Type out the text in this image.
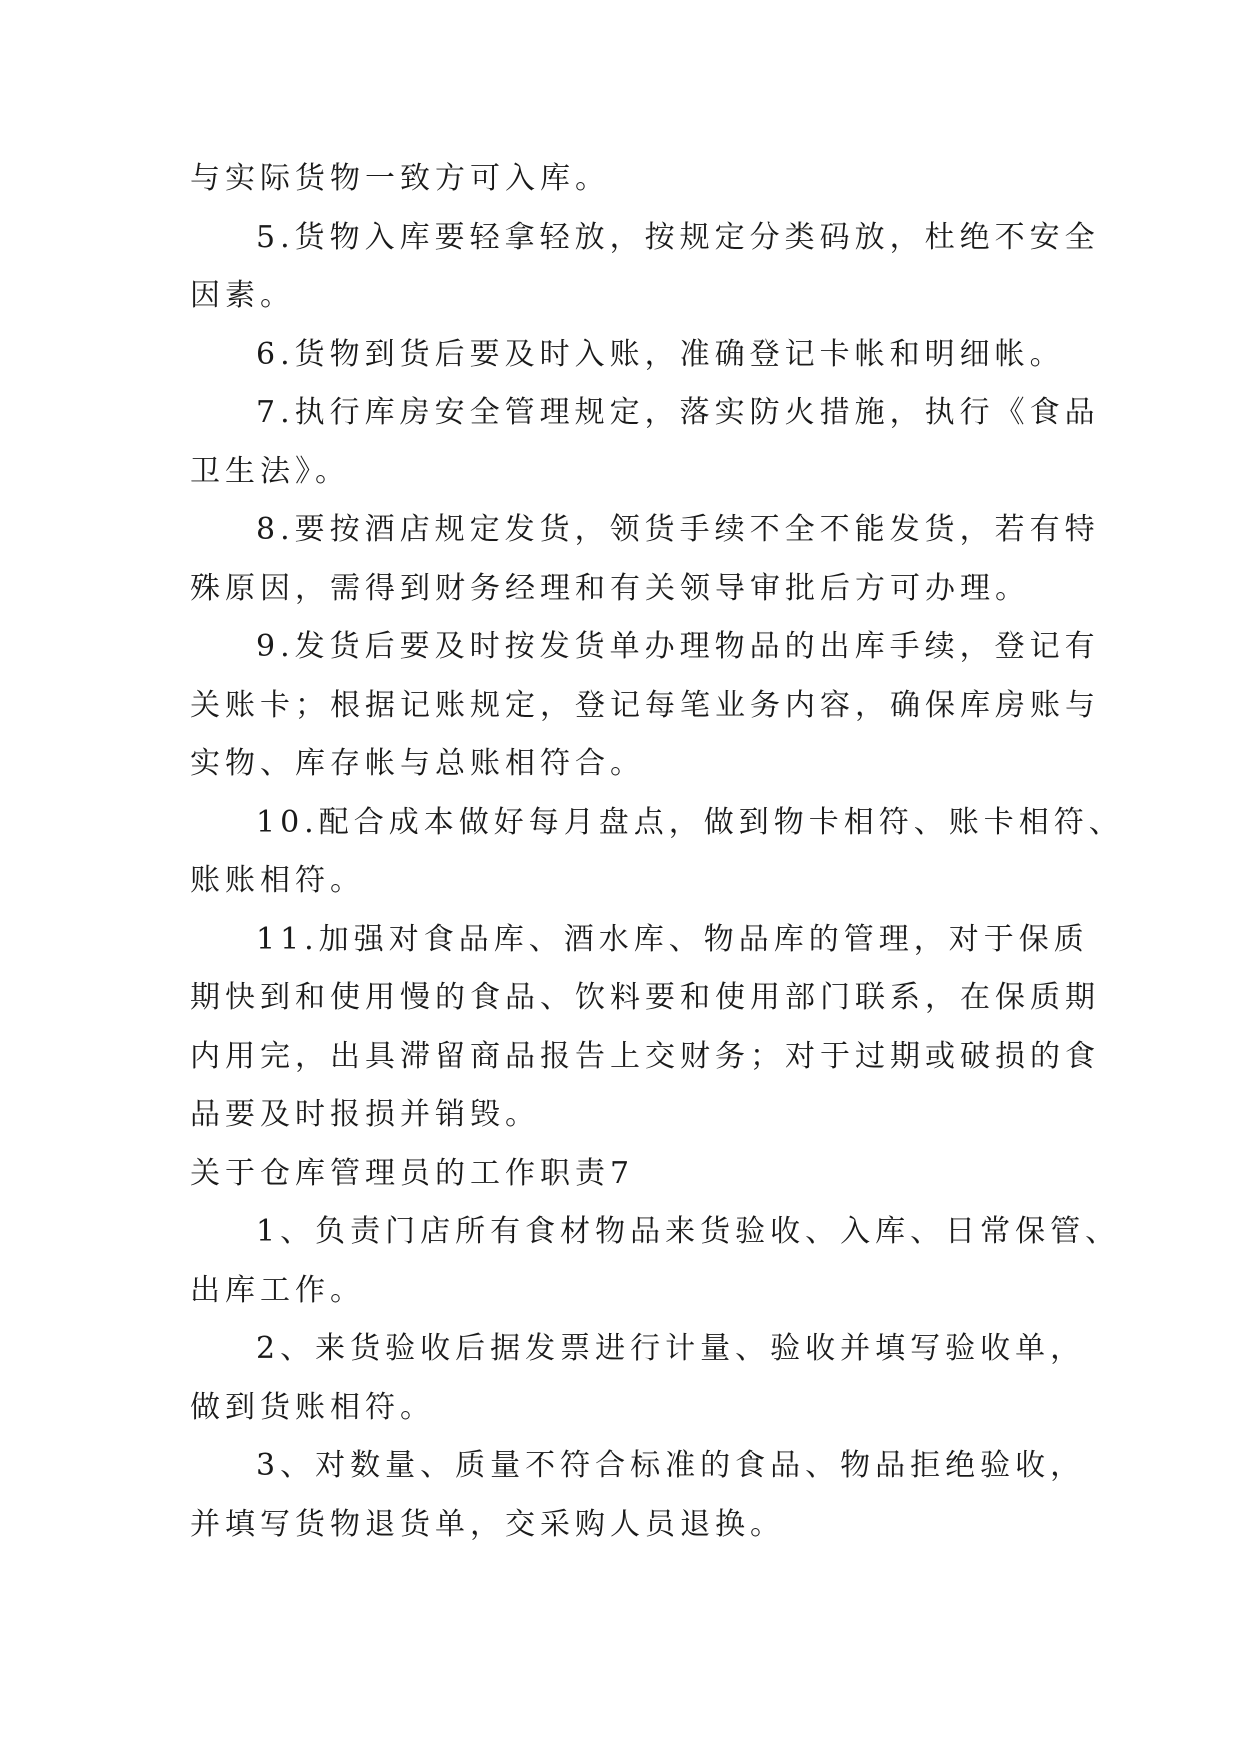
与实际货物一致方可入库。
5.货物入库要轻拿轻放，按规定分类码放，杜绝不安全
因素。
6.货物到货后要及时入账，准确登记卡帐和明细帐。
7.执行库房安全管理规定，落实防火措施，执行《食品
卫生法》。
8.要按酒店规定发货，领货手续不全不能发货，若有特
殊原因，需得到财务经理和有关领导审批后方可办理。
9.发货后要及时按发货单办理物品的出库手续，登记有
关账卡；根据记账规定，登记每笔业务内容，确保库房账与
实物、库存帐与总账相符合。
10.配合成本做好每月盘点，做到物卡相符、账卡相符、
账账相符。
11.加强对食品库、酒水库、物品库的管理，对于保质
期快到和使用慢的食品、饮料要和使用部门联系，在保质期
内用完，出具滞留商品报告上交财务；对于过期或破损的食
品要及时报损并销毁。
关于仓库管理员的工作职责7
1、负责门店所有食材物品来货验收、入库、日常保管、
出库工作。
2、来货验收后据发票进行计量、验收并填写验收单，
做到货账相符。
3、对数量、质量不符合标准的食品、物品拒绝验收，
并填写货物退货单，交采购人员退换。
